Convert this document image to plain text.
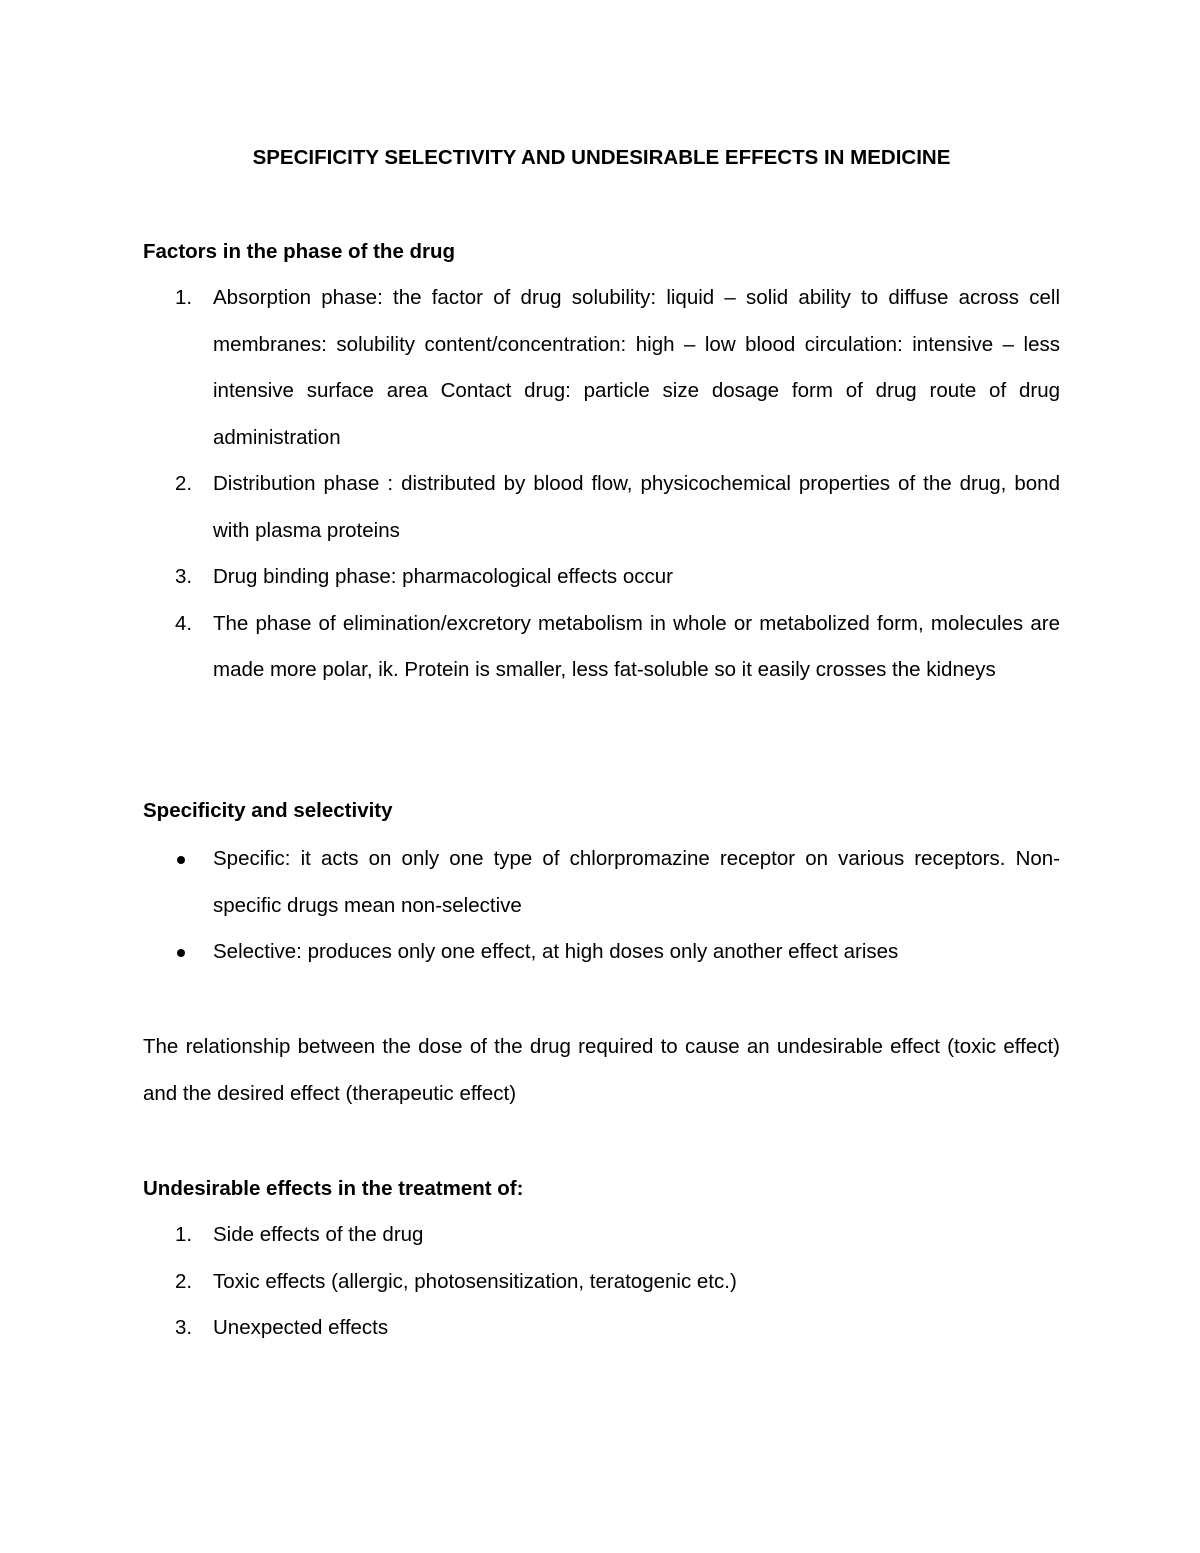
SPECIFICITY SELECTIVITY AND UNDESIRABLE EFFECTS IN MEDICINE
Factors in the phase of the drug
1. Absorption phase: the factor of drug solubility: liquid – solid ability to diffuse across cell membranes: solubility content/concentration: high – low blood circulation: intensive – less intensive surface area Contact drug: particle size dosage form of drug route of drug administration
2. Distribution phase : distributed by blood flow, physicochemical properties of the drug, bond with plasma proteins
3. Drug binding phase: pharmacological effects occur
4. The phase of elimination/excretory metabolism in whole or metabolized form, molecules are made more polar, ik. Protein is smaller, less fat-soluble so it easily crosses the kidneys
Specificity and selectivity
Specific: it acts on only one type of chlorpromazine receptor on various receptors. Non-specific drugs mean non-selective
Selective: produces only one effect, at high doses only another effect arises

The relationship between the dose of the drug required to cause an undesirable effect (toxic effect) and the desired effect (therapeutic effect)

Undesirable effects in the treatment of:
1. Side effects of the drug
2. Toxic effects (allergic, photosensitization, teratogenic etc.)
3. Unexpected effects
